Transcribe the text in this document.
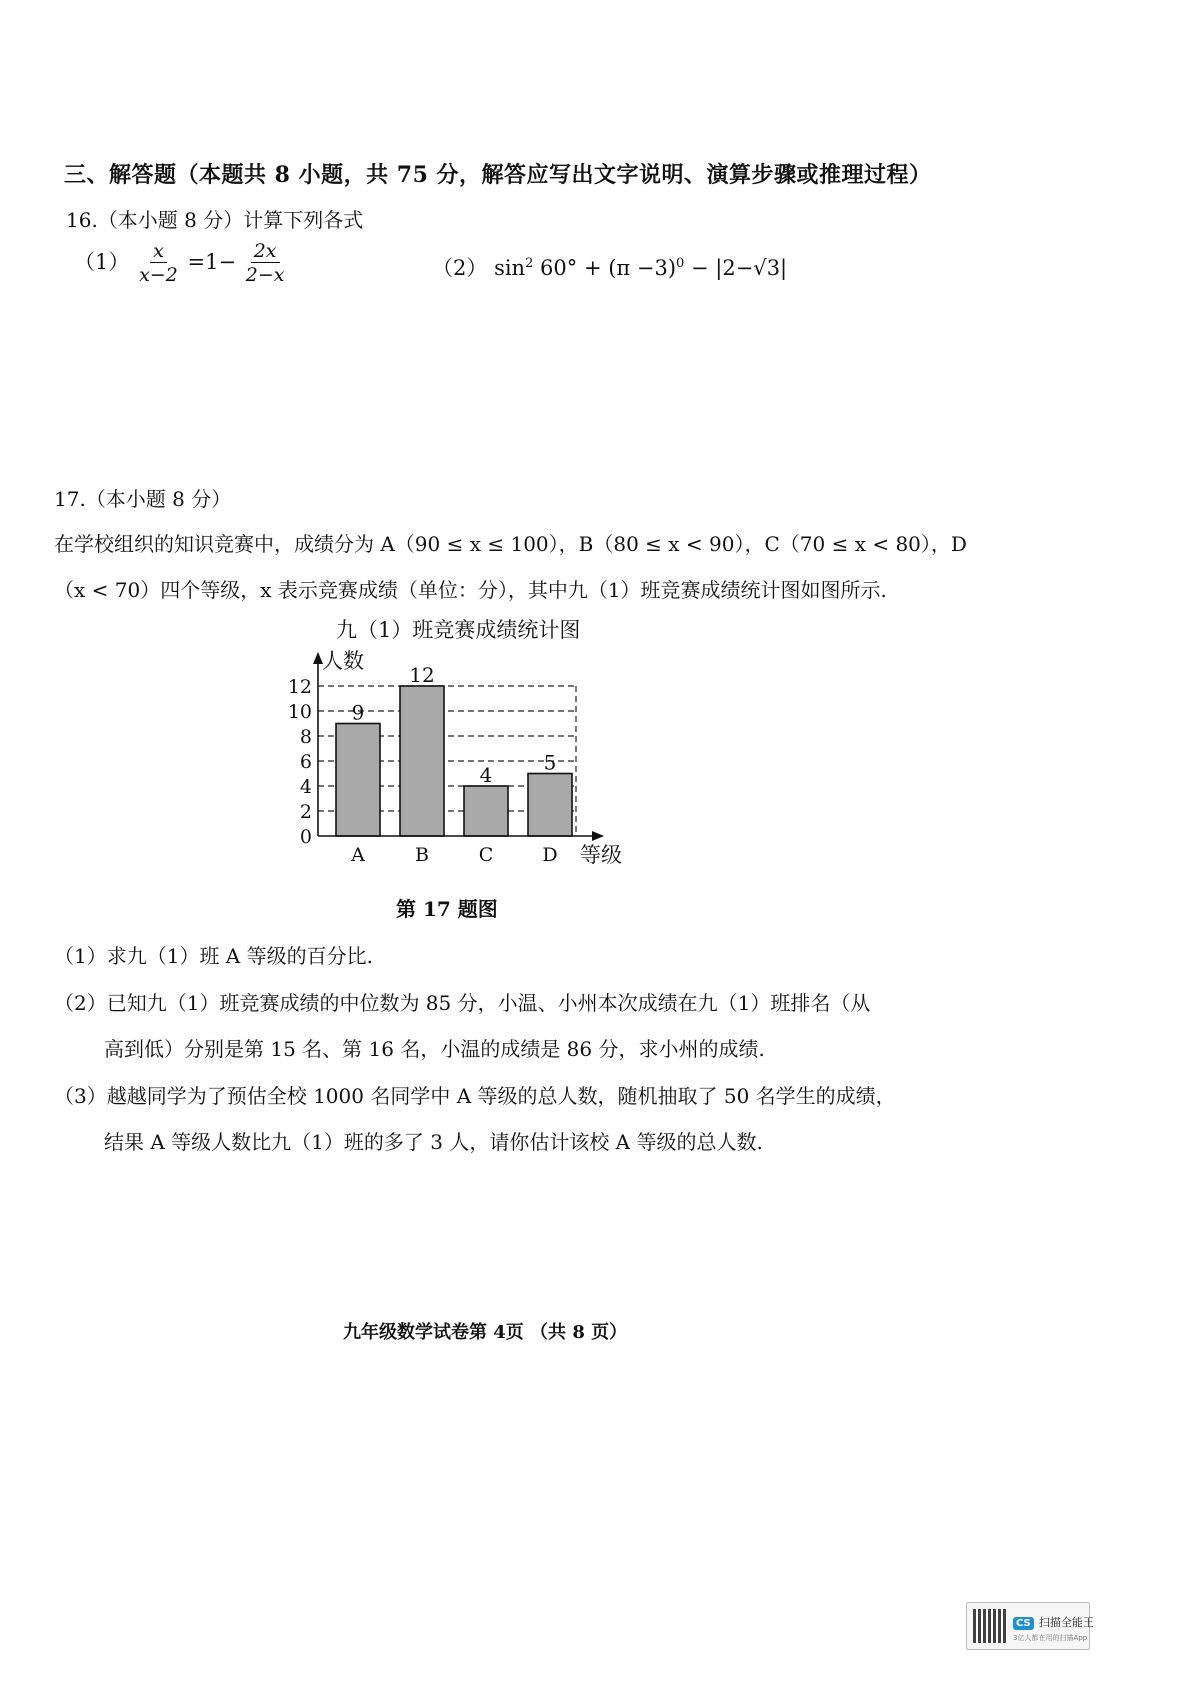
三、解答题（本题共 8 小题，共 75 分，解答应写出文字说明、演算步骤或推理过程）
16.（本小题 8 分）计算下列各式
$(1) \frac{x}{x-2} =1- \frac{2x}{2-x}$	（2） $\sin^2 60^\circ + (\pi -3)^0 - |2-√3|$
17.（本小题 8 分）
在学校组织的知识竞赛中，成绩分为 A（90 ≤ x ≤ 100），B（80 ≤ x < 90），C（70 ≤ x < 80），D
（x < 70）四个等级，x 表示竞赛成绩（单位：分），其中九（1）班竞赛成绩统计图如图所示.
九（1）班竞赛成绩统计图
0
2
4
6
8
10
12
9
A
12
B
4
C
5
D
人数
等级
第 17 题图
（1）求九（1）班 A 等级的百分比.
（2）已知九（1）班竞赛成绩的中位数为 85 分，小温、小州本次成绩在九（1）班排名（从
高到低）分别是第 15 名、第 16 名，小温的成绩是 86 分，求小州的成绩.
（3）越越同学为了预估全校 1000 名同学中 A 等级的总人数，随机抽取了 50 名学生的成绩，
结果 A 等级人数比九（1）班的多了 3 人，请你估计该校 A 等级的总人数.
九年级数学试卷第 4页 （共 8 页）
CS 扫描全能王
3亿人都在用的扫描App
